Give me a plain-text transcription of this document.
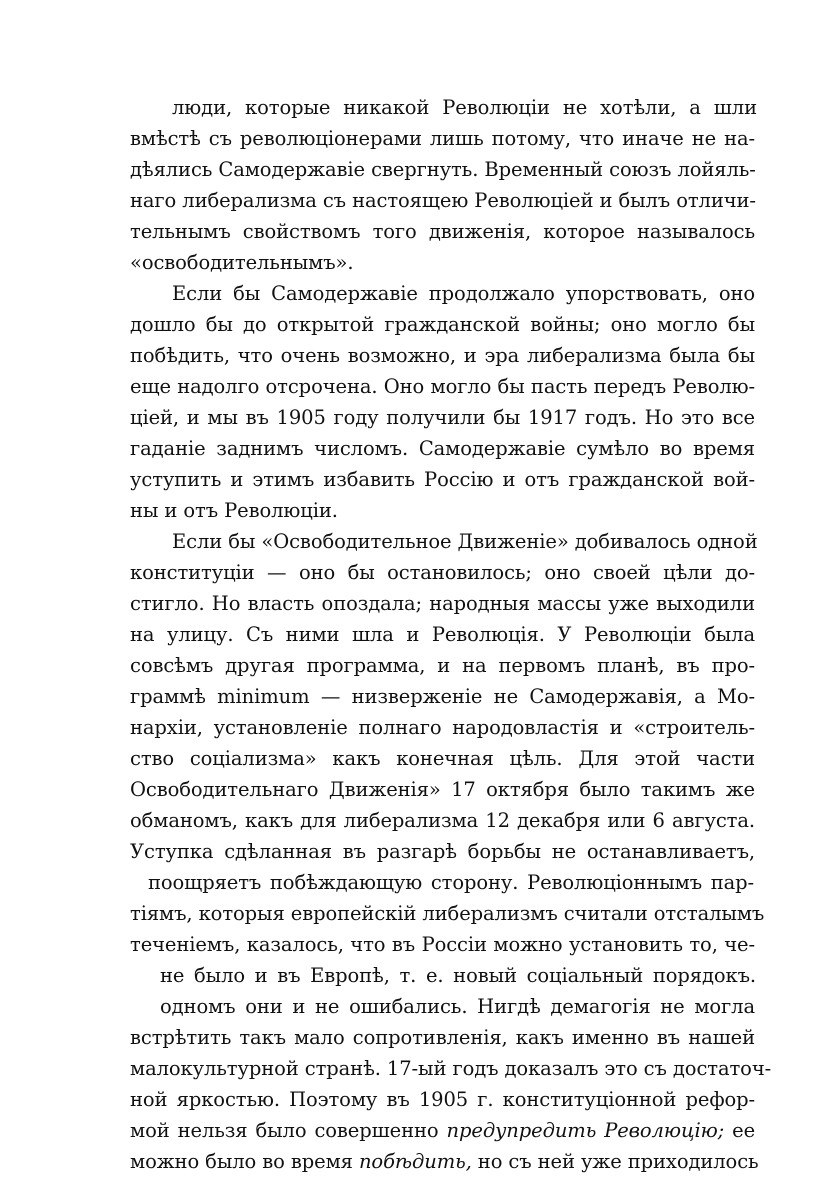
люди, которые никакой Революціи не хотѣли, а шли
вмѣстѣ съ революціонерами лишь потому, что иначе не на-
дѣялись Самодержавіе свергнуть. Временный союзъ лойяль-
наго либерализма съ настоящею Революціей и былъ отличи-
тельнымъ свойствомъ того движенія, которое называлось
«освободительнымъ».
Если бы Самодержавіе продолжало упорствовать, оно
дошло бы до открытой гражданской войны; оно могло бы
побѣдить, что очень возможно, и эра либерализма была бы
еще надолго отсрочена. Оно могло бы пасть передъ Револю-
ціей, и мы въ 1905 году получили бы 1917 годъ. Но это все
гаданіе заднимъ числомъ. Самодержавіе сумѣло во время
уступить и этимъ избавить Россію и отъ гражданской вой-
ны и отъ Революціи.
Если бы «Освободительное Движеніе» добивалось одной
конституціи — оно бы остановилось; оно своей цѣли до-
стигло. Но власть опоздала; народныя массы уже выходили
на улицу. Съ ними шла и Революція. У Революціи была
совсѣмъ другая программа, и на первомъ планѣ, въ про-
граммѣ minimum — низверженіе не Самодержавія, а Мо-
нархіи, установленіе полнаго народовластія и «строитель-
ство соціализма» какъ конечная цѣль. Для этой части
Освободительнаго Движенія» 17 октября было такимъ же
обманомъ, какъ для либерализма 12 декабря или 6 августа.
Уступка сдѣланная въ разгарѣ борьбы не останавливаетъ,
поощряетъ побѣждающую сторону. Революціоннымъ пар-
тіямъ, которыя европейскій либерализмъ считали отсталымъ
теченіемъ, казалось, что въ Россіи можно установить то, че-
не было и въ Европѣ, т. е. новый соціальный порядокъ.
одномъ они и не ошибались. Нигдѣ демагогія не могла
встрѣтить такъ мало сопротивленія, какъ именно въ нашей
малокультурной странѣ. 17-ый годъ доказалъ это съ достаточ-
ной яркостью. Поэтому въ 1905 г. конституціонной рефор-
мой нельзя было совершенно предупредить Революцію; ее
можно было во время побѣдить, но съ ней уже приходилось
